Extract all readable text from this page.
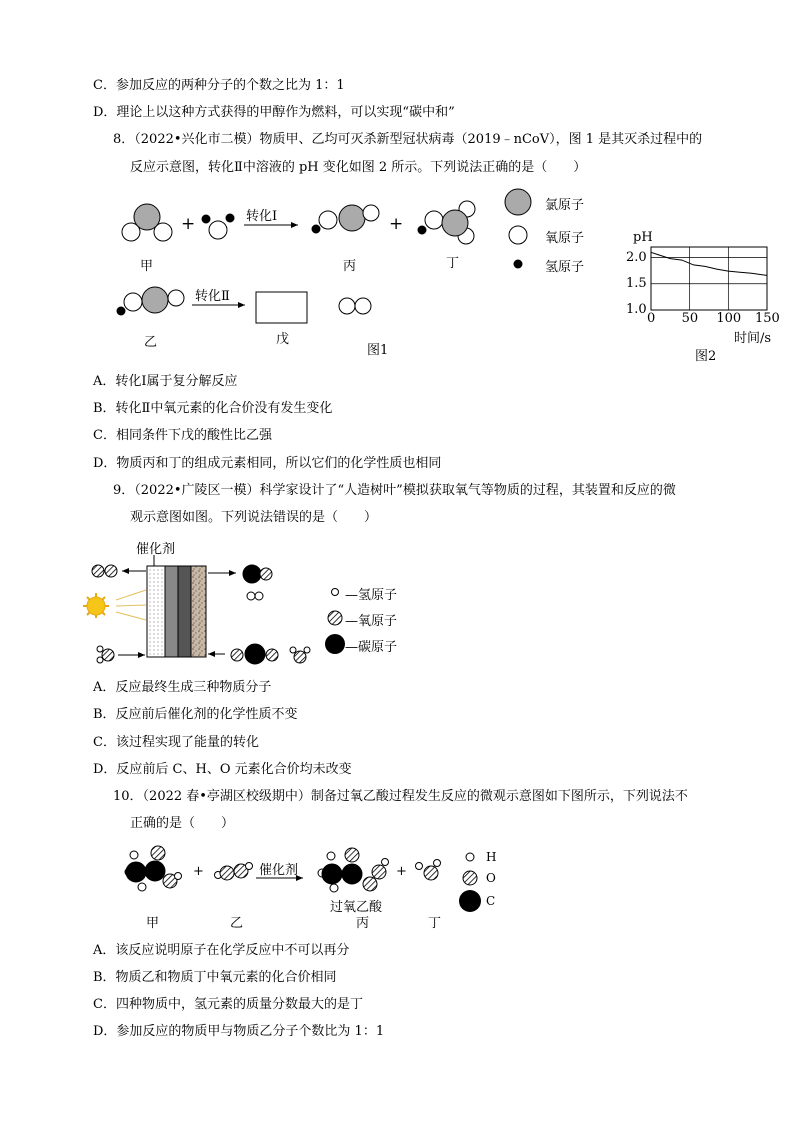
C．参加反应的两种分子的个数之比为 1：1
D．理论上以这种方式获得的甲醇作为燃料，可以实现“碳中和”
8．（2022•兴化市二模）物质甲、乙均可灭杀新型冠状病毒（2019﹣nCoV），图 1 是其灭杀过程中的
反应示意图，转化Ⅱ中溶液的 pH 变化如图 2 所示。下列说法正确的是（　　）
A．转化Ⅰ属于复分解反应
B．转化Ⅱ中氧元素的化合价没有发生变化
C．相同条件下戊的酸性比乙强
D．物质丙和丁的组成元素相同，所以它们的化学性质也相同
9．（2022•广陵区一模）科学家设计了“人造树叶”模拟获取氧气等物质的过程，其装置和反应的微
观示意图如图。下列说法错误的是（　　）
A．反应最终生成三种物质分子
B．反应前后催化剂的化学性质不变
C．该过程实现了能量的转化
D．反应前后 C、H、O 元素化合价均未改变
10．（2022 春•亭湖区校级期中）制备过氧乙酸过程发生反应的微观示意图如下图所示，下列说法不
正确的是（　　）
A．该反应说明原子在化学反应中不可以再分
B．物质乙和物质丁中氧元素的化合价相同
C．四种物质中，氢元素的质量分数最大的是丁
D．参加反应的物质甲与物质乙分子个数比为 1：1
+	+
转化Ⅰ
转化Ⅱ
甲	丙	丁
乙	戊
图1
氯原子
氧原子
氢原子
pH
时间/s
图2
0 50 100 150
1.0
1.5
2.0
催化剂
—氢原子
—氧原子
—碳原子
+	+
催化剂
甲	乙
过氧乙酸
丙	丁
H
O
C
